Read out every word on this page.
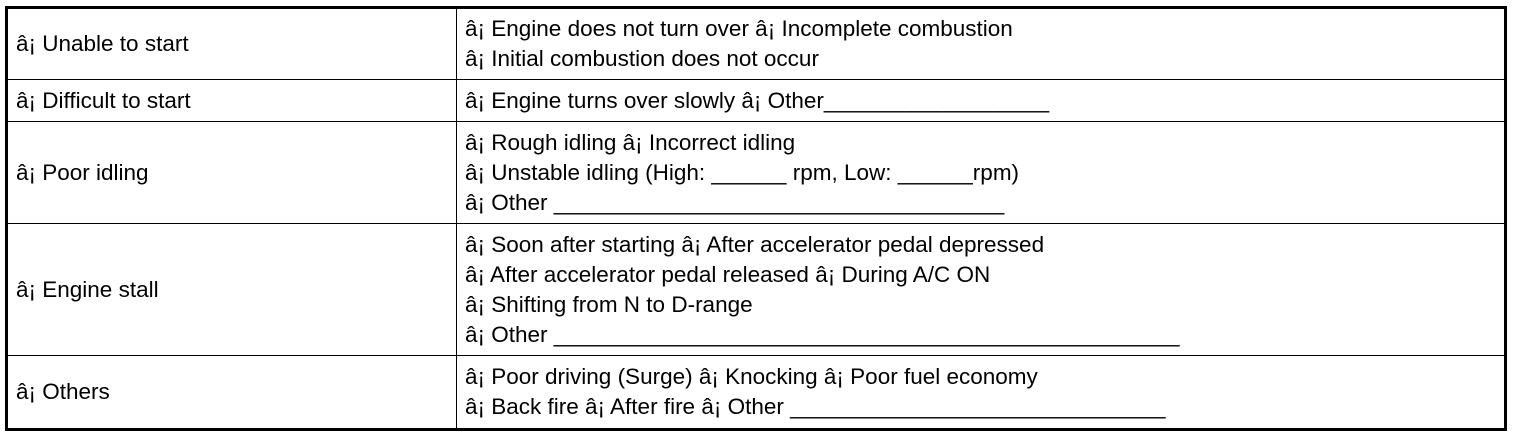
â¡ Unable to start	â¡ Engine does not turn over â¡ Incomplete combustion
â¡ Initial combustion does not occur

â¡ Difficult to start	â¡ Engine turns over slowly â¡ Other__________________

â¡ Poor idling	â¡ Rough idling â¡ Incorrect idling
â¡ Unstable idling (High: ______ rpm, Low: ______rpm)
â¡ Other ____________________________________

â¡ Engine stall	â¡ Soon after starting â¡ After accelerator pedal depressed
â¡ After accelerator pedal released â¡ During A/C ON
â¡ Shifting from N to D-range
â¡ Other __________________________________________________

â¡ Others	â¡ Poor driving (Surge) â¡ Knocking â¡ Poor fuel economy
â¡ Back fire â¡ After fire â¡ Other ______________________________
